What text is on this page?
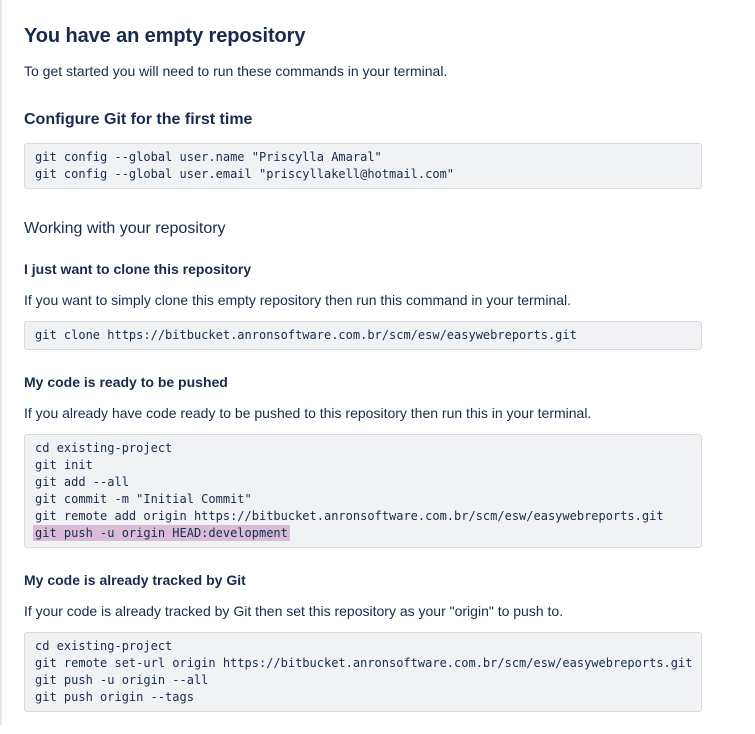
You have an empty repository

To get started you will need to run these commands in your terminal.

Configure Git for the first time
git config --global user.name "Priscylla Amaral"
git config --global user.email "priscyllakell@hotmail.com"
Working with your repository
I just want to clone this repository

If you want to simply clone this empty repository then run this command in your terminal.

git clone https://bitbucket.anronsoftware.com.br/scm/esw/easywebreports.git
My code is ready to be pushed

If you already have code ready to be pushed to this repository then run this in your terminal.

cd existing-project
git init
git add --all
git commit -m "Initial Commit"
git remote add origin https://bitbucket.anronsoftware.com.br/scm/esw/easywebreports.git
git push -u origin HEAD:development
My code is already tracked by Git

If your code is already tracked by Git then set this repository as your "origin" to push to.

cd existing-project
git remote set-url origin https://bitbucket.anronsoftware.com.br/scm/esw/easywebreports.git
git push -u origin --all
git push origin --tags
